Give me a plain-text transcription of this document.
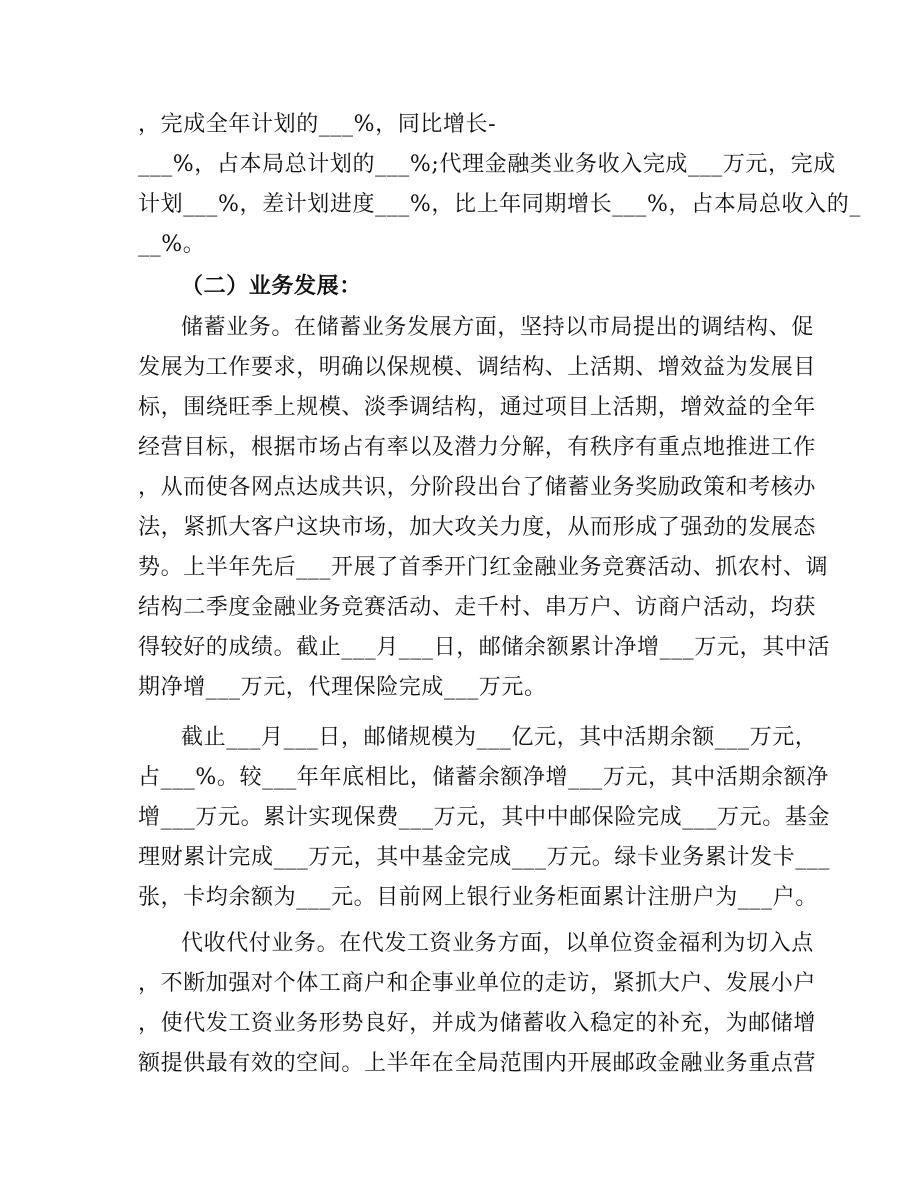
，完成全年计划的___%，同比增长-
___%，占本局总计划的___%;代理金融类业务收入完成___万元，完成
计划___%，差计划进度___%，比上年同期增长___%，占本局总收入的_
__%。
（二）业务发展：
储蓄业务。在储蓄业务发展方面，坚持以市局提出的调结构、促
发展为工作要求，明确以保规模、调结构、上活期、增效益为发展目
标，围绕旺季上规模、淡季调结构，通过项目上活期，增效益的全年
经营目标，根据市场占有率以及潜力分解，有秩序有重点地推进工作
，从而使各网点达成共识，分阶段出台了储蓄业务奖励政策和考核办
法，紧抓大客户这块市场，加大攻关力度，从而形成了强劲的发展态
势。上半年先后___开展了首季开门红金融业务竞赛活动、抓农村、调
结构二季度金融业务竞赛活动、走千村、串万户、访商户活动，均获
得较好的成绩。截止___月___日，邮储余额累计净增___万元，其中活
期净增___万元，代理保险完成___万元。
截止___月___日，邮储规模为___亿元，其中活期余额___万元，
占___%。较___年年底相比，储蓄余额净增___万元，其中活期余额净
增___万元。累计实现保费___万元，其中中邮保险完成___万元。基金
理财累计完成___万元，其中基金完成___万元。绿卡业务累计发卡___
张，卡均余额为___元。目前网上银行业务柜面累计注册户为___户。
代收代付业务。在代发工资业务方面，以单位资金福利为切入点
，不断加强对个体工商户和企事业单位的走访，紧抓大户、发展小户
，使代发工资业务形势良好，并成为储蓄收入稳定的补充，为邮储增
额提供最有效的空间。上半年在全局范围内开展邮政金融业务重点营
